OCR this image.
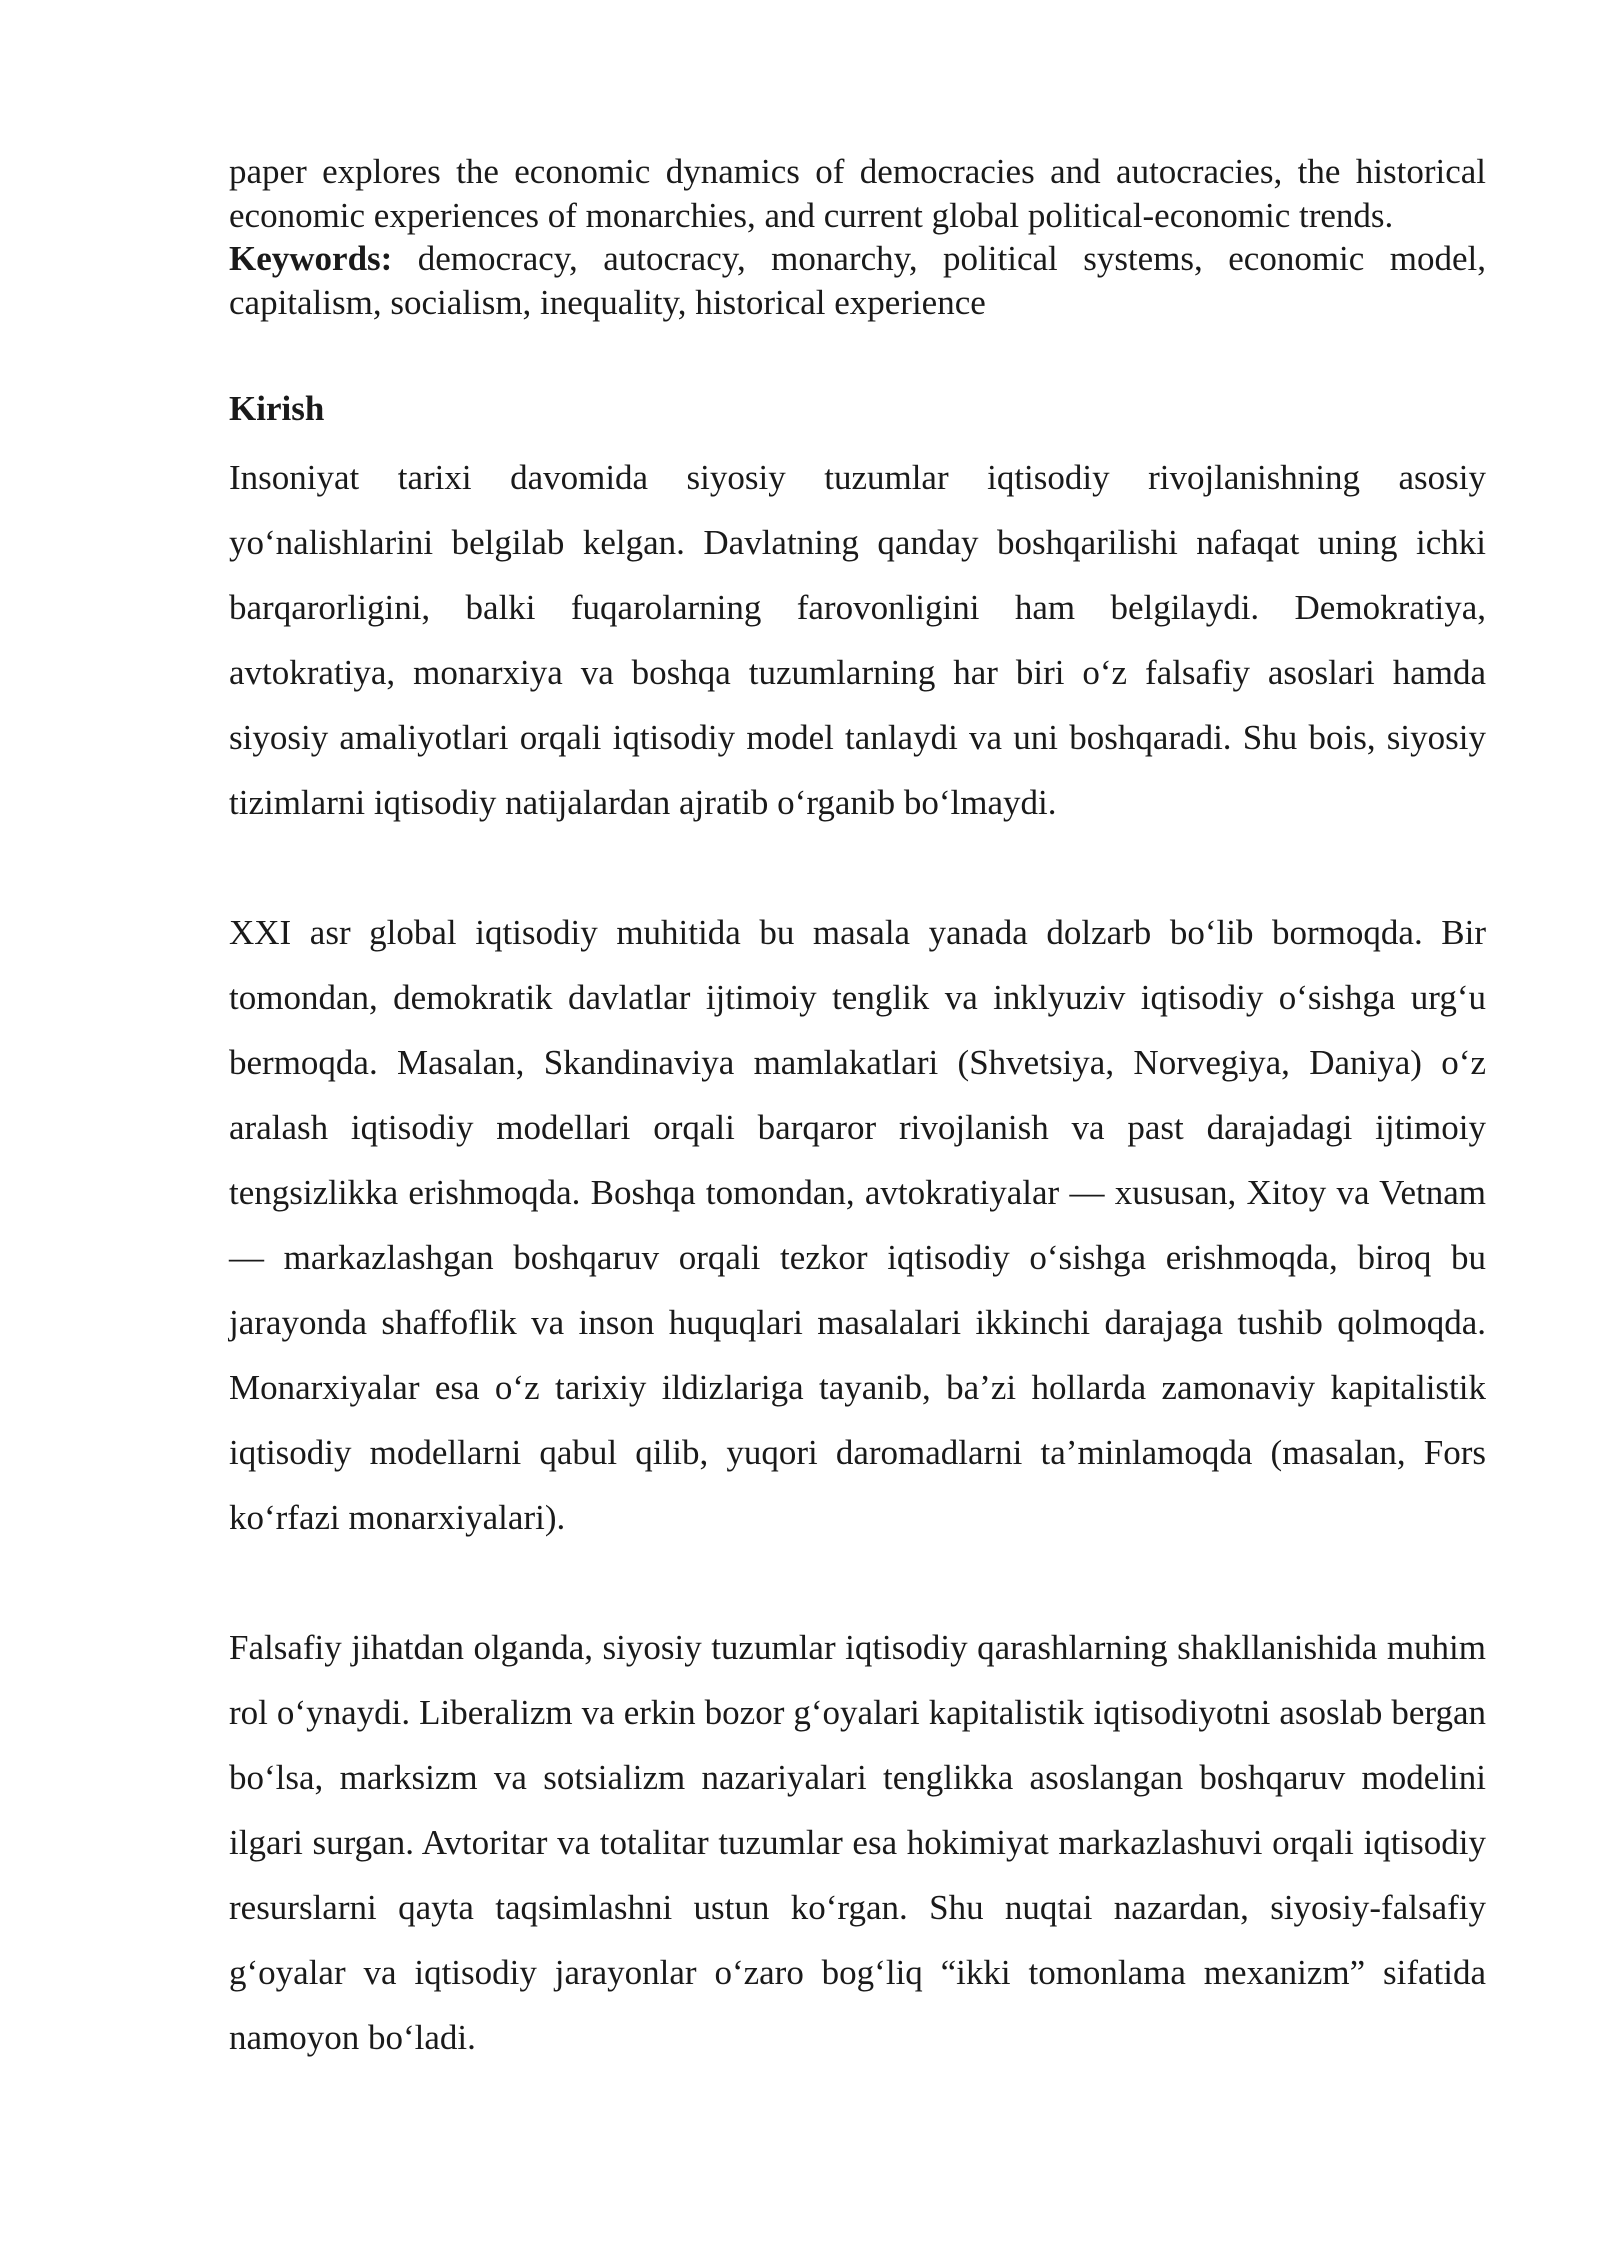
paper explores the economic dynamics of democracies and autocracies, the historical economic experiences of monarchies, and current global political-economic trends.
Keywords: democracy, autocracy, monarchy, political systems, economic model, capitalism, socialism, inequality, historical experience

Kirish

Insoniyat tarixi davomida siyosiy tuzumlar iqtisodiy rivojlanishning asosiy yo‘nalishlarini belgilab kelgan. Davlatning qanday boshqarilishi nafaqat uning ichki barqarorligini, balki fuqarolarning farovonligini ham belgilaydi. Demokratiya, avtokratiya, monarxiya va boshqa tuzumlarning har biri o‘z falsafiy asoslari hamda siyosiy amaliyotlari orqali iqtisodiy model tanlaydi va uni boshqaradi. Shu bois, siyosiy tizimlarni iqtisodiy natijalardan ajratib o‘rganib bo‘lmaydi.

XXI asr global iqtisodiy muhitida bu masala yanada dolzarb bo‘lib bormoqda. Bir tomondan, demokratik davlatlar ijtimoiy tenglik va inklyuziv iqtisodiy o‘sishga urg‘u bermoqda. Masalan, Skandinaviya mamlakatlari (Shvetsiya, Norvegiya, Daniya) o‘z aralash iqtisodiy modellari orqali barqaror rivojlanish va past darajadagi ijtimoiy tengsizlikka erishmoqda. Boshqa tomondan, avtokratiyalar — xususan, Xitoy va Vetnam — markazlashgan boshqaruv orqali tezkor iqtisodiy o‘sishga erishmoqda, biroq bu jarayonda shaffoflik va inson huquqlari masalalari ikkinchi darajaga tushib qolmoqda. Monarxiyalar esa o‘z tarixiy ildizlariga tayanib, ba’zi hollarda zamonaviy kapitalistik iqtisodiy modellarni qabul qilib, yuqori daromadlarni ta’minlamoqda (masalan, Fors ko‘rfazi monarxiyalari).

Falsafiy jihatdan olganda, siyosiy tuzumlar iqtisodiy qarashlarning shakllanishida muhim rol o‘ynaydi. Liberalizm va erkin bozor g‘oyalari kapitalistik iqtisodiyotni asoslab bergan bo‘lsa, marksizm va sotsializm nazariyalari tenglikka asoslangan boshqaruv modelini ilgari surgan. Avtoritar va totalitar tuzumlar esa hokimiyat markazlashuvi orqali iqtisodiy resurslarni qayta taqsimlashni ustun ko‘rgan. Shu nuqtai nazardan, siyosiy-falsafiy g‘oyalar va iqtisodiy jarayonlar o‘zaro bog‘liq “ikki tomonlama mexanizm” sifatida namoyon bo‘ladi.
